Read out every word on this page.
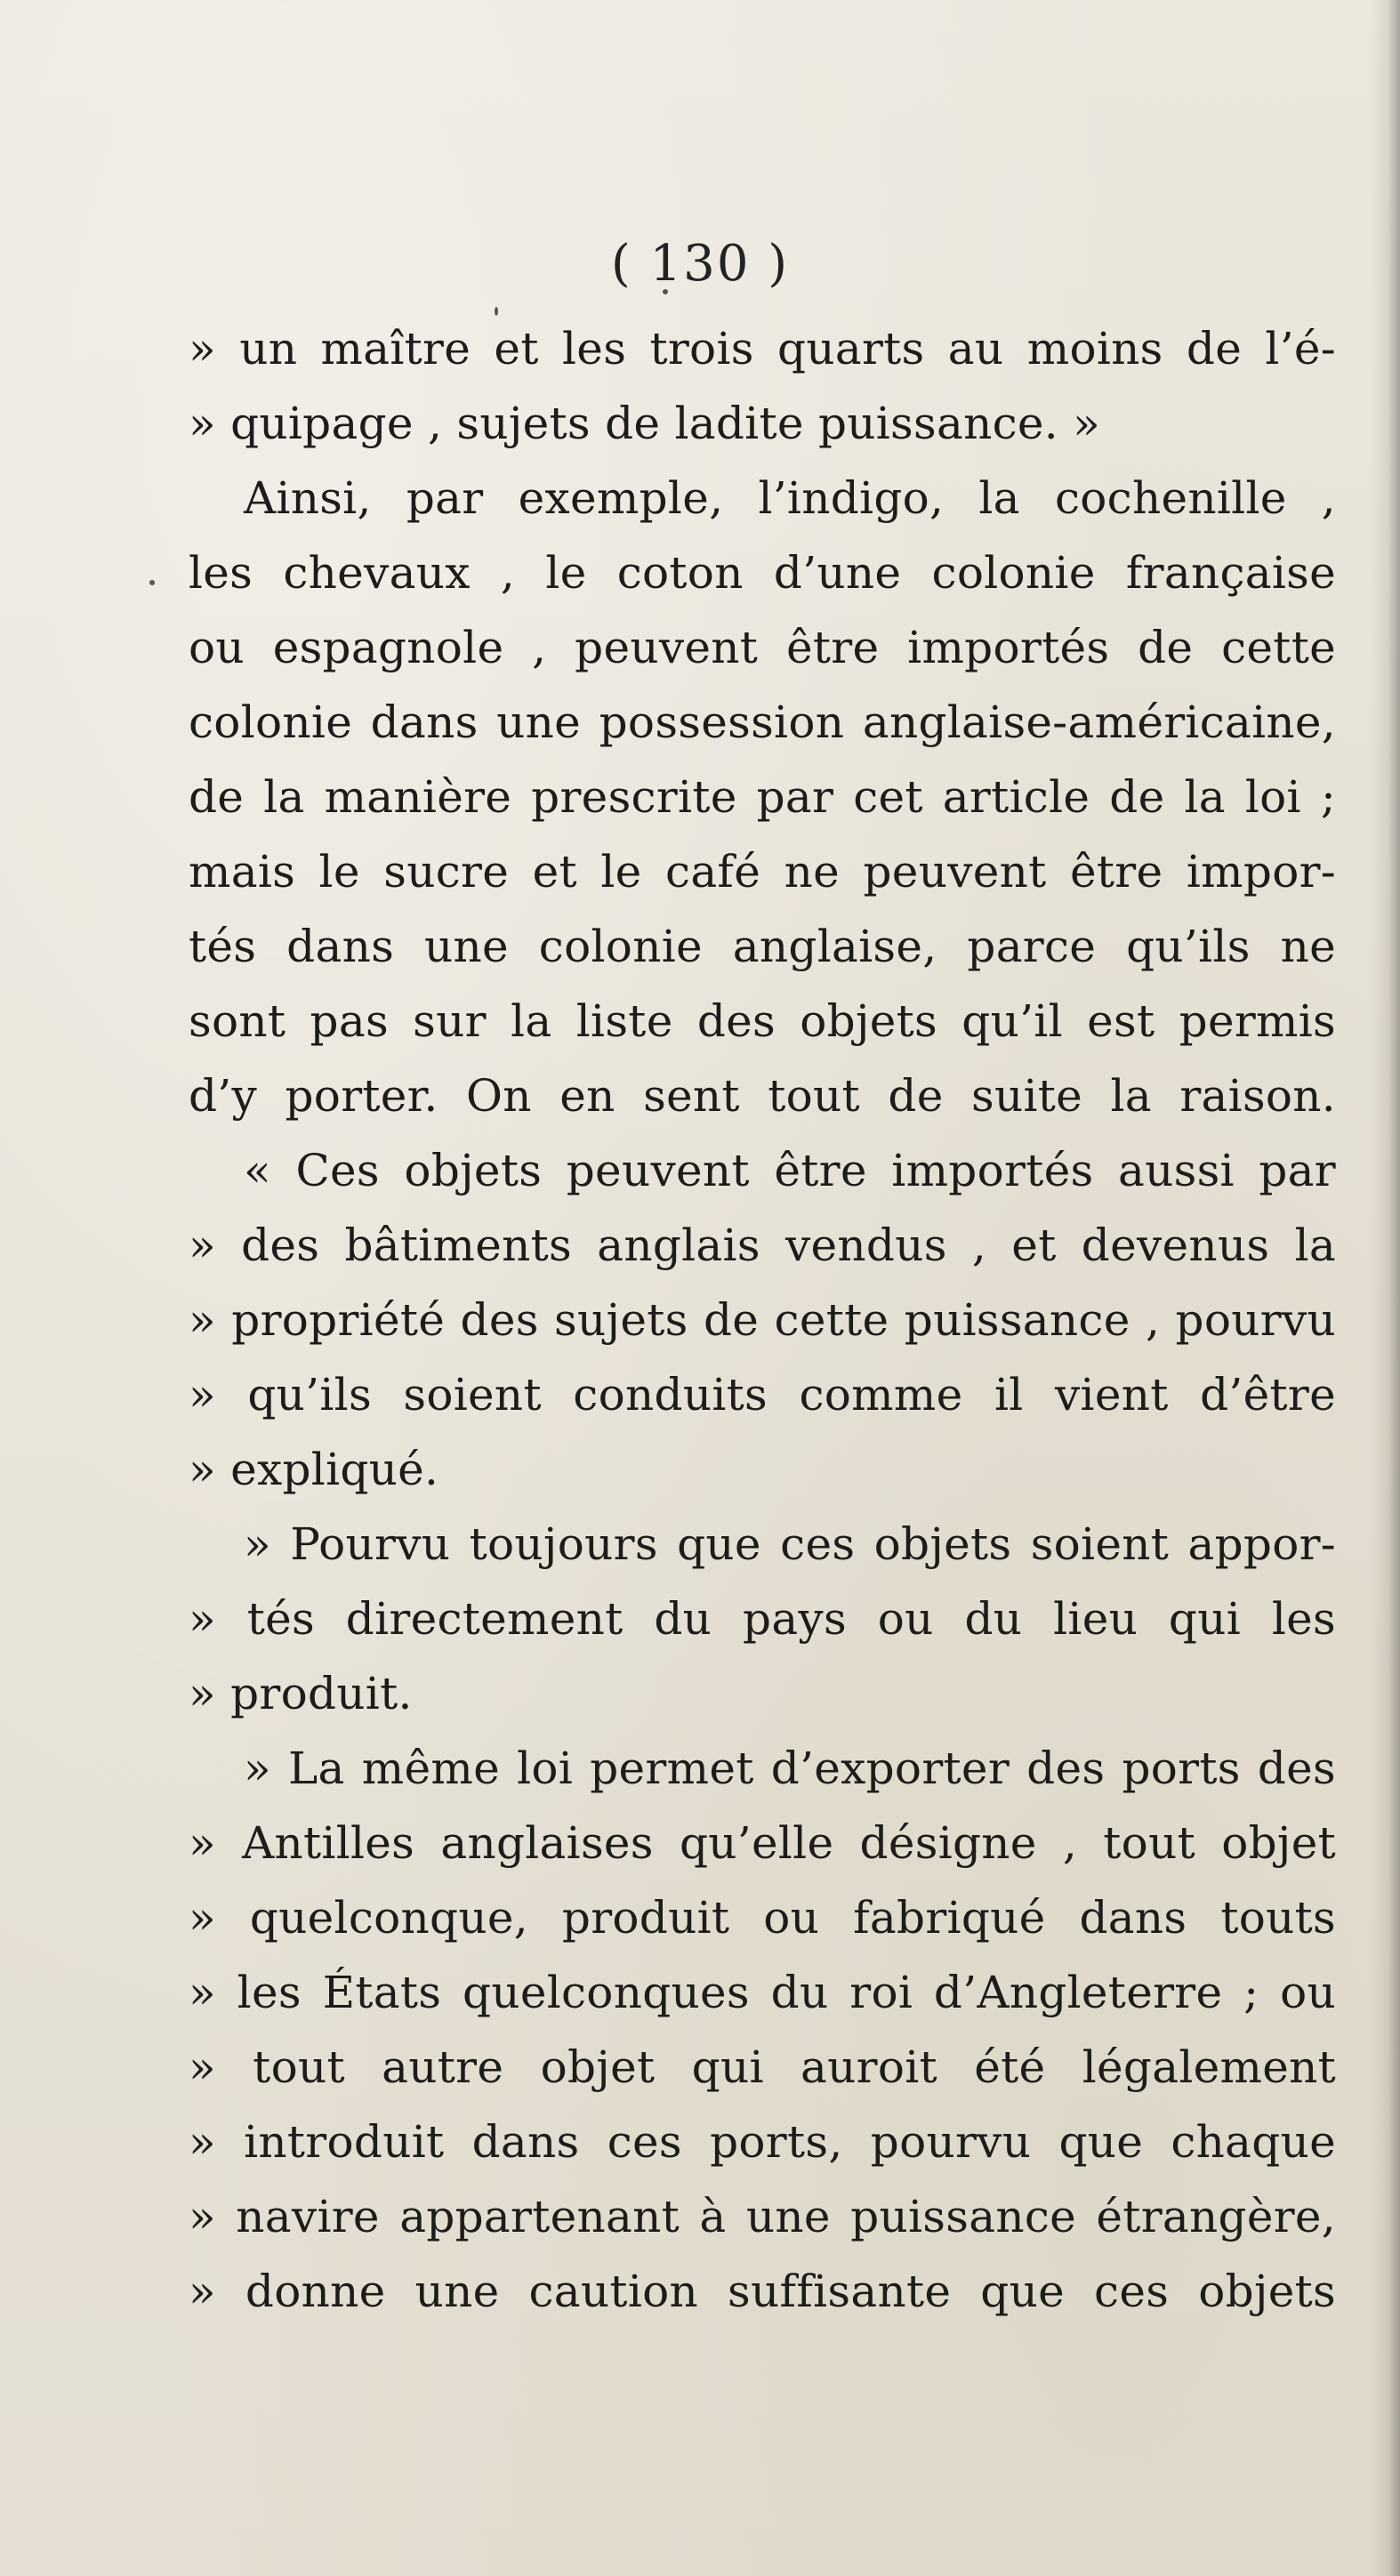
( 130 )
» un maître et les trois quarts au moins de l’é-
» quipage , sujets de ladite puissance. »
Ainsi, par exemple, l’indigo, la cochenille ,
les chevaux , le coton d’une colonie française
ou espagnole , peuvent être importés de cette
colonie dans une possession anglaise-américaine,
de la manière prescrite par cet article de la loi ;
mais le sucre et le café ne peuvent être impor-
tés dans une colonie anglaise, parce qu’ils ne
sont pas sur la liste des objets qu’il est permis
d’y porter. On en sent tout de suite la raison.
« Ces objets peuvent être importés aussi par
» des bâtiments anglais vendus , et devenus la
» propriété des sujets de cette puissance , pourvu
» qu’ils soient conduits comme il vient d’être
» expliqué.
» Pourvu toujours que ces objets soient appor-
» tés directement du pays ou du lieu qui les
» produit.
» La même loi permet d’exporter des ports des
» Antilles anglaises qu’elle désigne , tout objet
» quelconque, produit ou fabriqué dans touts
» les États quelconques du roi d’Angleterre ; ou
» tout autre objet qui auroit été légalement
» introduit dans ces ports, pourvu que chaque
» navire appartenant à une puissance étrangère,
» donne une caution suffisante que ces objets
